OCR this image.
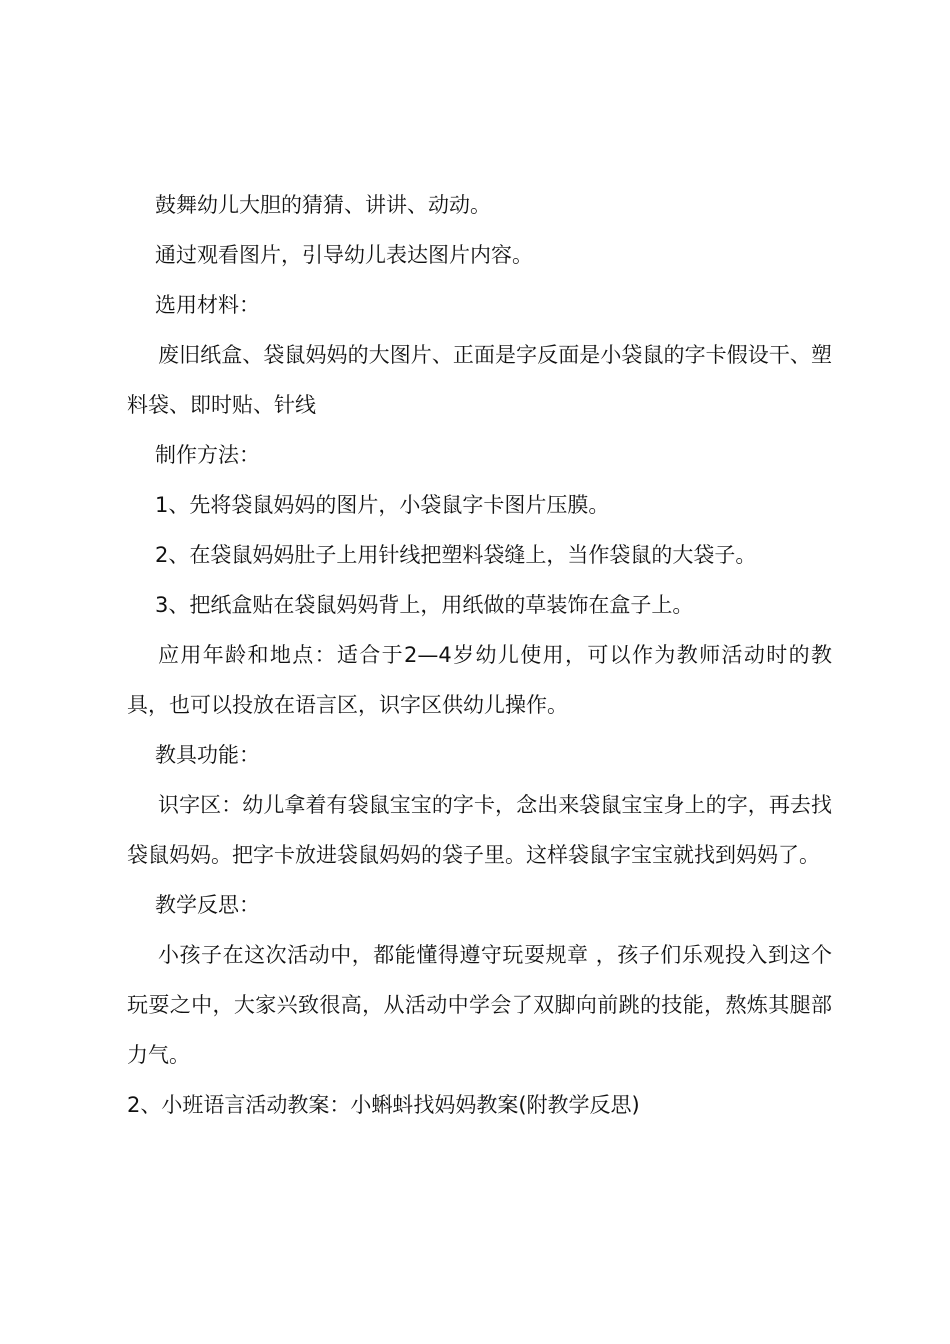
鼓舞幼儿大胆的猜猜、讲讲、动动。

通过观看图片，引导幼儿表达图片内容。

选用材料：

废旧纸盒、袋鼠妈妈的大图片、正面是字反面是小袋鼠的字卡假设干、塑料袋、即时贴、针线

制作方法：

1、先将袋鼠妈妈的图片，小袋鼠字卡图片压膜。

2、在袋鼠妈妈肚子上用针线把塑料袋缝上，当作袋鼠的大袋子。

3、把纸盒贴在袋鼠妈妈背上，用纸做的草装饰在盒子上。

应用年龄和地点：适合于2—4岁幼儿使用，可以作为教师活动时的教具，也可以投放在语言区，识字区供幼儿操作。

教具功能：

识字区：幼儿拿着有袋鼠宝宝的字卡，念出来袋鼠宝宝身上的字，再去找袋鼠妈妈。把字卡放进袋鼠妈妈的袋子里。这样袋鼠字宝宝就找到妈妈了。

教学反思：

小孩子在这次活动中，都能懂得遵守玩耍规章 ，孩子们乐观投入到这个玩耍之中，大家兴致很高，从活动中学会了双脚向前跳的技能，熬炼其腿部力气。

2、小班语言活动教案：小蝌蚪找妈妈教案(附教学反思)
